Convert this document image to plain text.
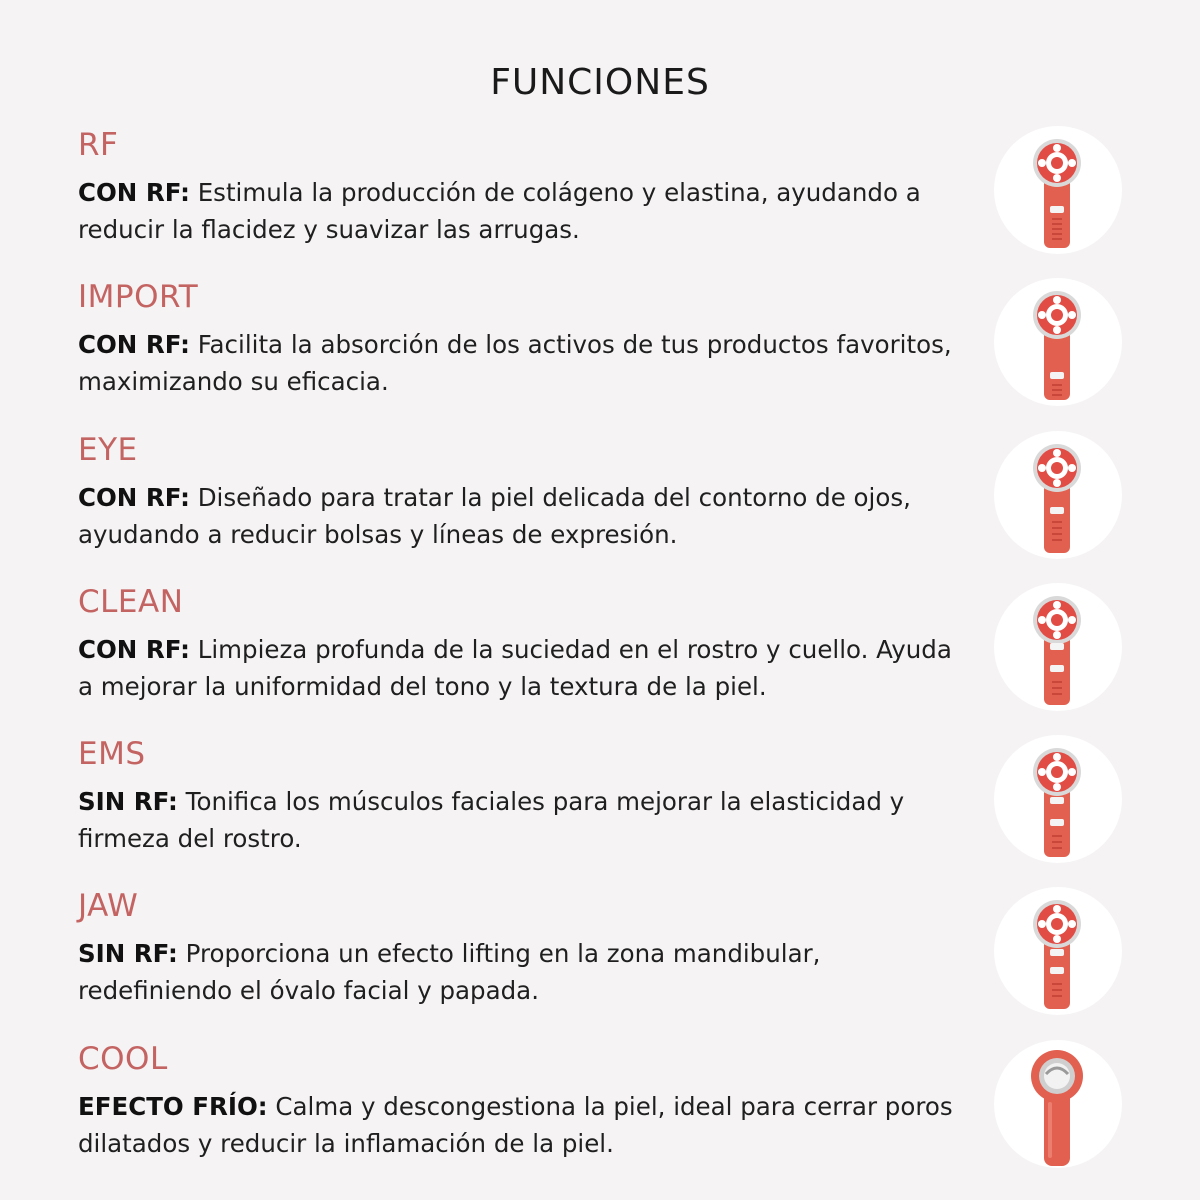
FUNCIONES
RF
CON RF: Estimula la producción de colágeno y elastina, ayudando a reducir la flacidez y suavizar las arrugas.
IMPORT
CON RF: Facilita la absorción de los activos de tus productos favoritos, maximizando su eficacia.
EYE
CON RF: Diseñado para tratar la piel delicada del contorno de ojos, ayudando a reducir bolsas y líneas de expresión.
CLEAN
CON RF: Limpieza profunda de la suciedad en el rostro y cuello. Ayuda a mejorar la uniformidad del tono y la textura de la piel.
EMS
SIN RF: Tonifica los músculos faciales para mejorar la elasticidad y firmeza del rostro.
JAW
SIN RF: Proporciona un efecto lifting en la zona mandibular, redefiniendo el óvalo facial y papada.
COOL
EFECTO FRÍO: Calma y descongestiona la piel, ideal para cerrar poros dilatados y reducir la inflamación de la piel.
